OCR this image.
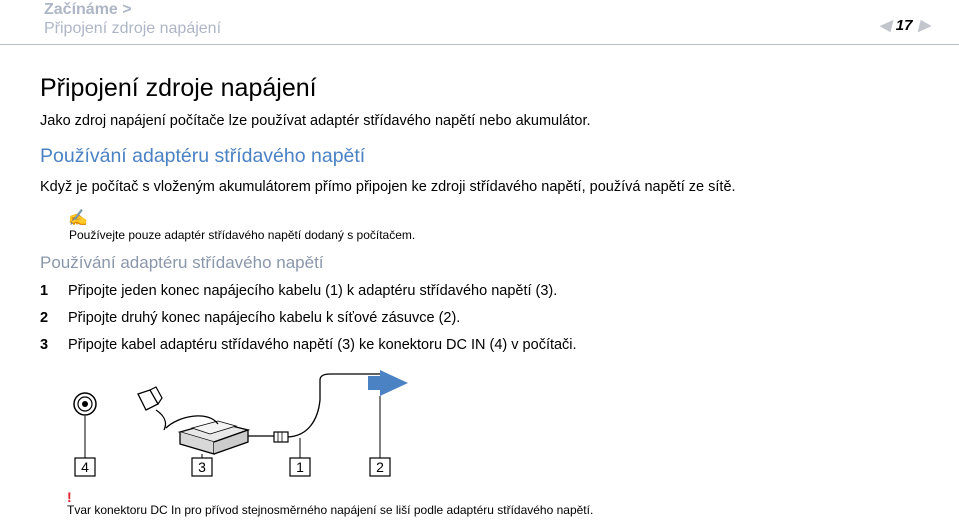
Začínáme >
Připojení zdroje napájení	◀ 17 ▶
Připojení zdroje napájení
Jako zdroj napájení počítače lze používat adaptér střídavého napětí nebo akumulátor.
Používání adaptéru střídavého napětí
Když je počítač s vloženým akumulátorem přímo připojen ke zdroji střídavého napětí, používá napětí ze sítě.
✍
Používejte pouze adaptér střídavého napětí dodaný s počítačem.
Používání adaptéru střídavého napětí
1 Připojte jeden konec napájecího kabelu (1) k adaptéru střídavého napětí (3).
2 Připojte druhý konec napájecího kabelu k síťové zásuvce (2).
3 Připojte kabel adaptéru střídavého napětí (3) ke konektoru DC IN (4) v počítači.
4	3	1	2
!
Tvar konektoru DC In pro přívod stejnosměrného napájení se liší podle adaptéru střídavého napětí.
